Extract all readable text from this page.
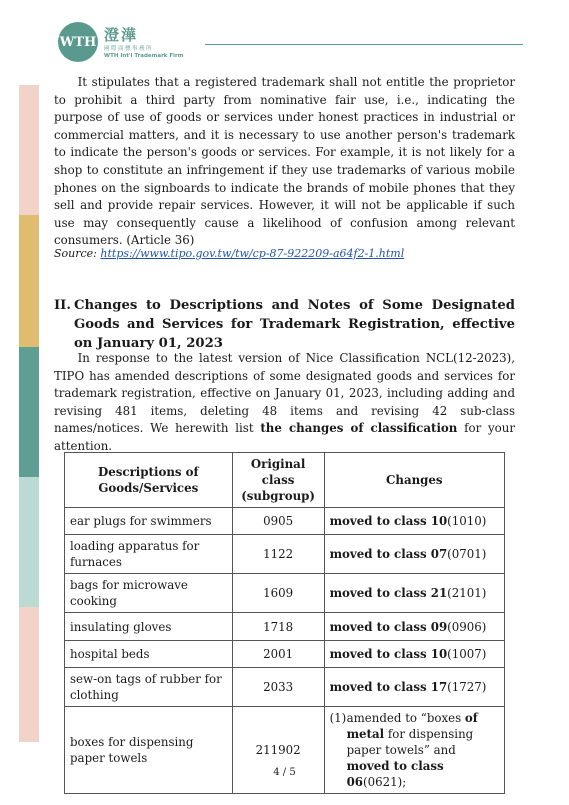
WTH 澄澕
國際商標事務所
WTH Int'l Trademark Firm

It stipulates that a registered trademark shall not entitle the proprietor to prohibit a third party from nominative fair use, i.e., indicating the purpose of use of goods or services under honest practices in industrial or commercial matters, and it is necessary to use another person's trademark to indicate the person's goods or services. For example, it is not likely for a shop to constitute an infringement if they use trademarks of various mobile phones on the signboards to indicate the brands of mobile phones that they sell and provide repair services. However, it will not be applicable if such use may consequently cause a likelihood of confusion among relevant consumers. (Article 36)

Source: https://www.tipo.gov.tw/tw/cp-87-922209-a64f2-1.html
II. Changes to Descriptions and Notes of Some Designated Goods and Services for Trademark Registration, effective on January 01, 2023

In response to the latest version of Nice Classification NCL(12-2023), TIPO has amended descriptions of some designated goods and services for trademark registration, effective on January 01, 2023, including adding and revising 481 items, deleting 48 items and revising 42 sub-class names/notices. We herewith list the changes of classification for your attention.

Descriptions of Goods/Services	Original class (subgroup)	Changes
ear plugs for swimmers	0905	moved to class 10(1010)
loading apparatus for furnaces	1122	moved to class 07(0701)
bags for microwave cooking	1609	moved to class 21(2101)
insulating gloves	1718	moved to class 09(0906)
hospital beds	2001	moved to class 10(1007)
sew-on tags of rubber for clothing	2033	moved to class 17(1727)
boxes for dispensing paper towels	211902	(1) amended to “boxes of metal for dispensing paper towels” and moved to class 06(0621);
4 / 5
